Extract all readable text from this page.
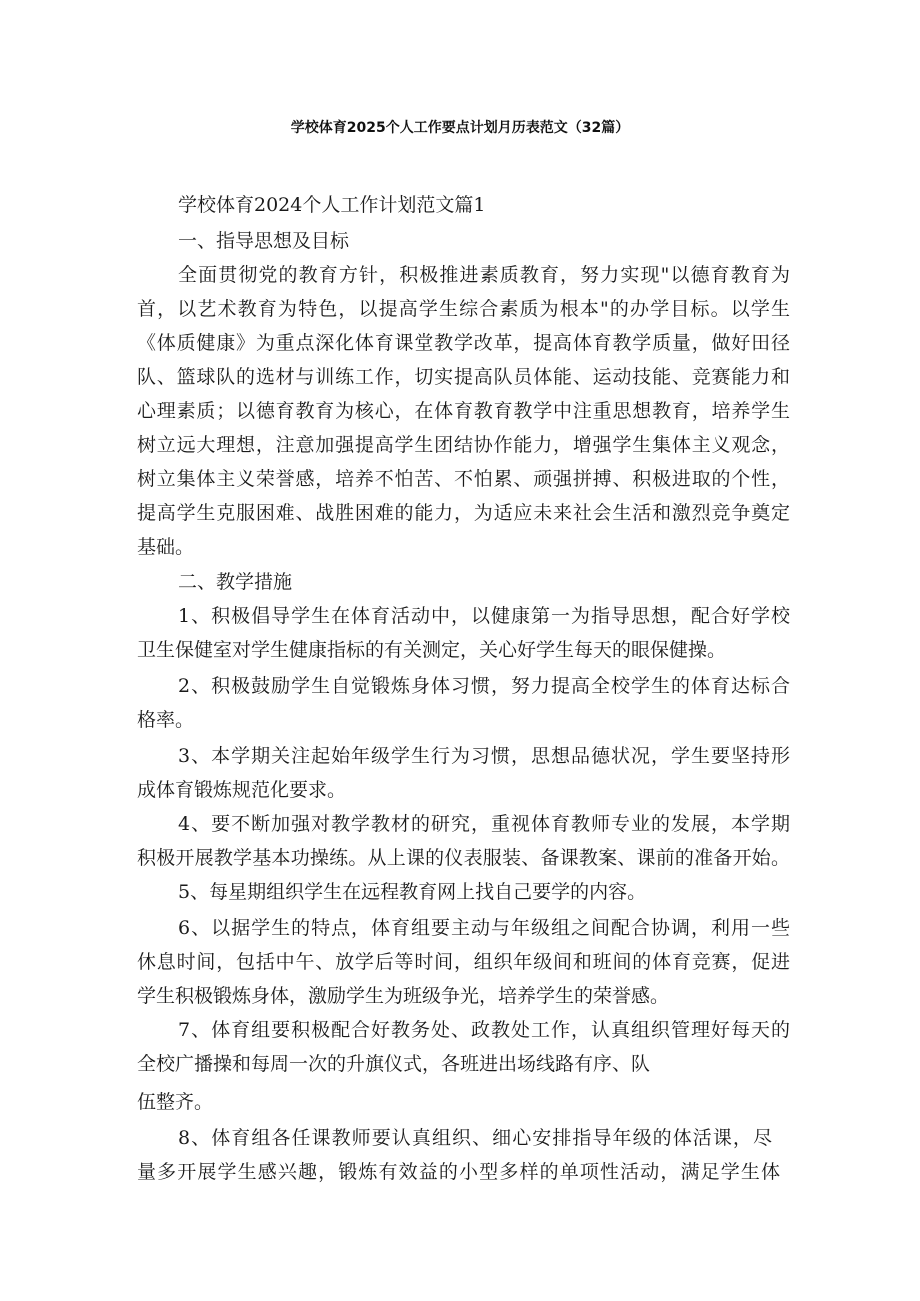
学校体育2025个人工作要点计划月历表范文（32篇）
学校体育2024个人工作计划范文篇1
一、指导思想及目标
全面贯彻党的教育方针，积极推进素质教育，努力实现"以德育教育为
首，以艺术教育为特色，以提高学生综合素质为根本"的办学目标。以学生
《体质健康》为重点深化体育课堂教学改革，提高体育教学质量，做好田径
队、篮球队的选材与训练工作，切实提高队员体能、运动技能、竞赛能力和
心理素质；以德育教育为核心，在体育教育教学中注重思想教育，培养学生
树立远大理想，注意加强提高学生团结协作能力，增强学生集体主义观念，
树立集体主义荣誉感，培养不怕苦、不怕累、顽强拼搏、积极进取的个性，
提高学生克服困难、战胜困难的能力，为适应未来社会生活和激烈竞争奠定
基础。
二、教学措施
1、积极倡导学生在体育活动中，以健康第一为指导思想，配合好学校
卫生保健室对学生健康指标的有关测定，关心好学生每天的眼保健操。
2、积极鼓励学生自觉锻炼身体习惯，努力提高全校学生的体育达标合
格率。
3、本学期关注起始年级学生行为习惯，思想品德状况，学生要坚持形
成体育锻炼规范化要求。
4、要不断加强对教学教材的研究，重视体育教师专业的发展，本学期
积极开展教学基本功操练。从上课的仪表服装、备课教案、课前的准备开始。
5、每星期组织学生在远程教育网上找自己要学的内容。
6、以据学生的特点，体育组要主动与年级组之间配合协调，利用一些
休息时间，包括中午、放学后等时间，组织年级间和班间的体育竞赛，促进
学生积极锻炼身体，激励学生为班级争光，培养学生的荣誉感。
7、体育组要积极配合好教务处、政教处工作，认真组织管理好每天的
全校广播操和每周一次的升旗仪式，各班进出场线路有序、队
伍整齐。
8、体育组各任课教师要认真组织、细心安排指导年级的体活课，尽
量多开展学生感兴趣，锻炼有效益的小型多样的单项性活动，满足学生体
